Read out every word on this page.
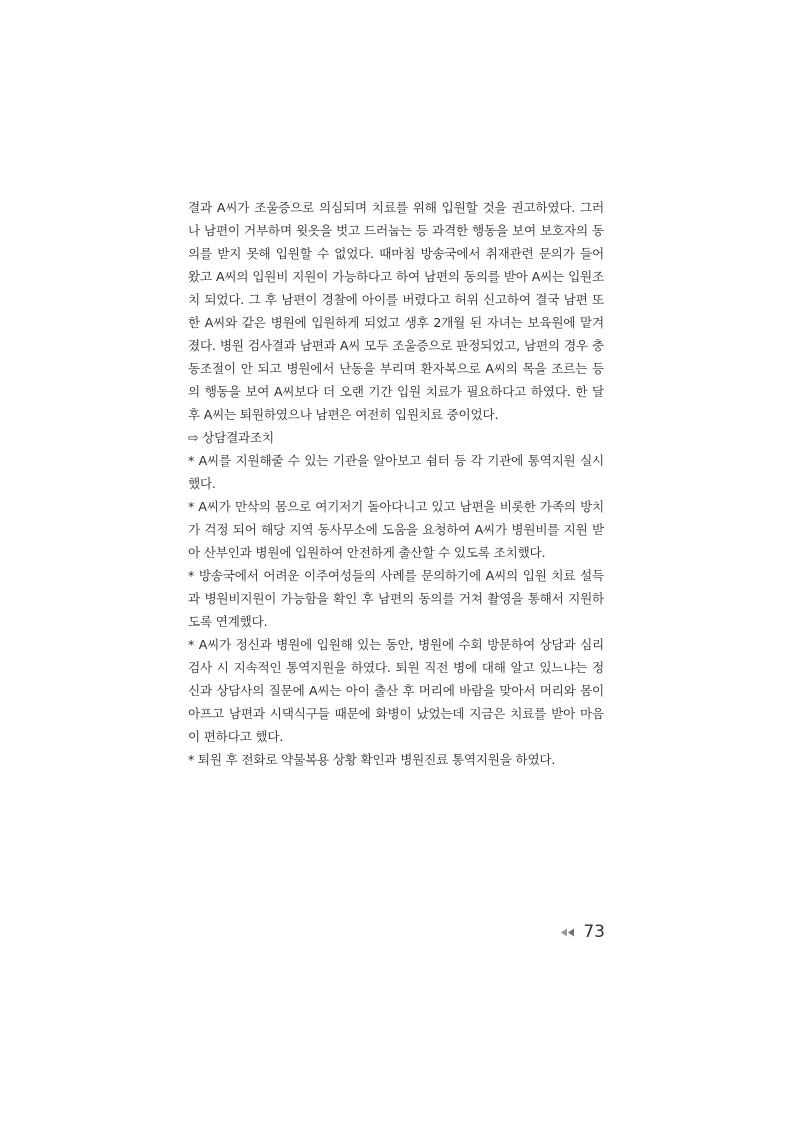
결과 A씨가 조울증으로 의심되며 치료를 위해 입원할 것을 권고하였다. 그러나 남편이 거부하며 윗옷을 벗고 드러눕는 등 과격한 행동을 보여 보호자의 동의를 받지 못해 입원할 수 없었다. 때마침 방송국에서 취재관련 문의가 들어 왔고 A씨의 입원비 지원이 가능하다고 하여 남편의 동의를 받아 A씨는 입원조치 되었다. 그 후 남편이 경찰에 아이를 버렸다고 허위 신고하여 결국 남편 또한 A씨와 같은 병원에 입원하게 되었고 생후 2개월 된 자녀는 보육원에 맡겨졌다. 병원 검사결과 남편과 A씨 모두 조울증으로 판정되었고, 남편의 경우 충동조절이 안 되고 병원에서 난동을 부리며 환자복으로 A씨의 목을 조르는 등의 행동을 보여 A씨보다 더 오랜 기간 입원 치료가 필요하다고 하였다. 한 달 후 A씨는 퇴원하였으나 남편은 여전히 입원치료 중이었다.

⇨ 상담결과조치

* A씨를 지원해줄 수 있는 기관을 알아보고 쉼터 등 각 기관에 통역지원 실시했다.

* A씨가 만삭의 몸으로 여기저기 돌아다니고 있고 남편을 비롯한 가족의 방치가 걱정 되어 해당 지역 동사무소에 도움을 요청하여 A씨가 병원비를 지원 받아 산부인과 병원에 입원하여 안전하게 출산할 수 있도록 조치했다.

* 방송국에서 어려운 이주여성들의 사례를 문의하기에 A씨의 입원 치료 설득과 병원비지원이 가능함을 확인 후 남편의 동의를 거쳐 촬영을 통해서 지원하도록 연계했다.

* A씨가 정신과 병원에 입원해 있는 동안, 병원에 수회 방문하여 상담과 심리검사 시 지속적인 통역지원을 하였다. 퇴원 직전 병에 대해 알고 있느냐는 정신과 상담사의 질문에 A씨는 아이 출산 후 머리에 바람을 맞아서 머리와 몸이 아프고 남편과 시댁식구들 때문에 화병이 났었는데 지금은 치료를 받아 마음이 편하다고 했다.

* 퇴원 후 전화로 약물복용 상황 확인과 병원진료 통역지원을 하였다.

73
